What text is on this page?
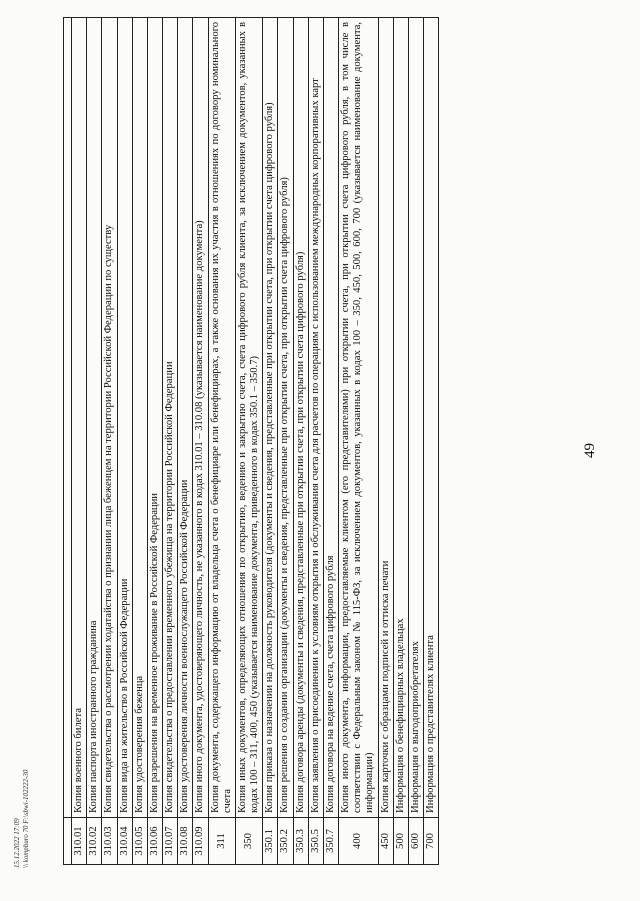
49

310.01	Копия военного билета
310.02	Копия паспорта иностранного гражданина
310.03	Копия свидетельства о рассмотрении ходатайства о признании лица беженцем на территории Российской Федерации по существу
310.04	Копия вида на жительство в Российской Федерации
310.05	Копия удостоверения беженца
310.06	Копия разрешения на временное проживание в Российской Федерации
310.07	Копия свидетельства о предоставлении временного убежища на территории Российской Федерации
310.08	Копия удостоверения личности военнослужащего Российской Федерации
310.09	Копия иного документа, удостоверяющего личность, не указанного в кодах 310.01 – 310.08 (указывается наименование документа)
311	Копия документа, содержащего информацию от владельца счета о бенефициаре или бенефициарах, а также основания их участия в отношениях по договору номинального счета
350	Копия иных документов, определяющих отношения по открытию, ведению и закрытию счета, счета цифрового рубля клиента, за исключением документов, указанных в кодах 100 – 311, 400, 450 (указывается наименование документа, приведенного в кодах 350.1 – 350.7)
350.1	Копия приказа о назначении на должность руководителя (документы и сведения, представленные при открытии счета, при открытии счета цифрового рубля)
350.2	Копия решения о создании организации (документы и сведения, представленные при открытии счета, при открытии счета цифрового рубля)
350.3	Копия договора аренды (документы и сведения, представленные при открытии счета, при открытии счета цифрового рубля)
350.5	Копия заявления о присоединении к условиям открытия и обслуживания счета для расчетов по операциям с использованием международных корпоративных карт
350.7	Копия договора на ведение счета, счета цифрового рубля
400	Копия иного документа, информации, предоставляемые клиентом (его представителями) при открытии счета, при открытии счета цифрового рубля, в том числе в соответствии с Федеральным законом № 115-ФЗ, за исключением документов, указанных в кодах 100 – 350, 450, 500, 600, 700 (указывается наименование документа, информации)
450	Копия карточки с образцами подписей и оттиска печати
500	Информация о бенефициарных владельцах
600	Информация о выгодоприобретателях
700	Информация о представителях клиента
15.12.2022 17:09 \\ kompburo 70 F:\sbwi-102222-30
